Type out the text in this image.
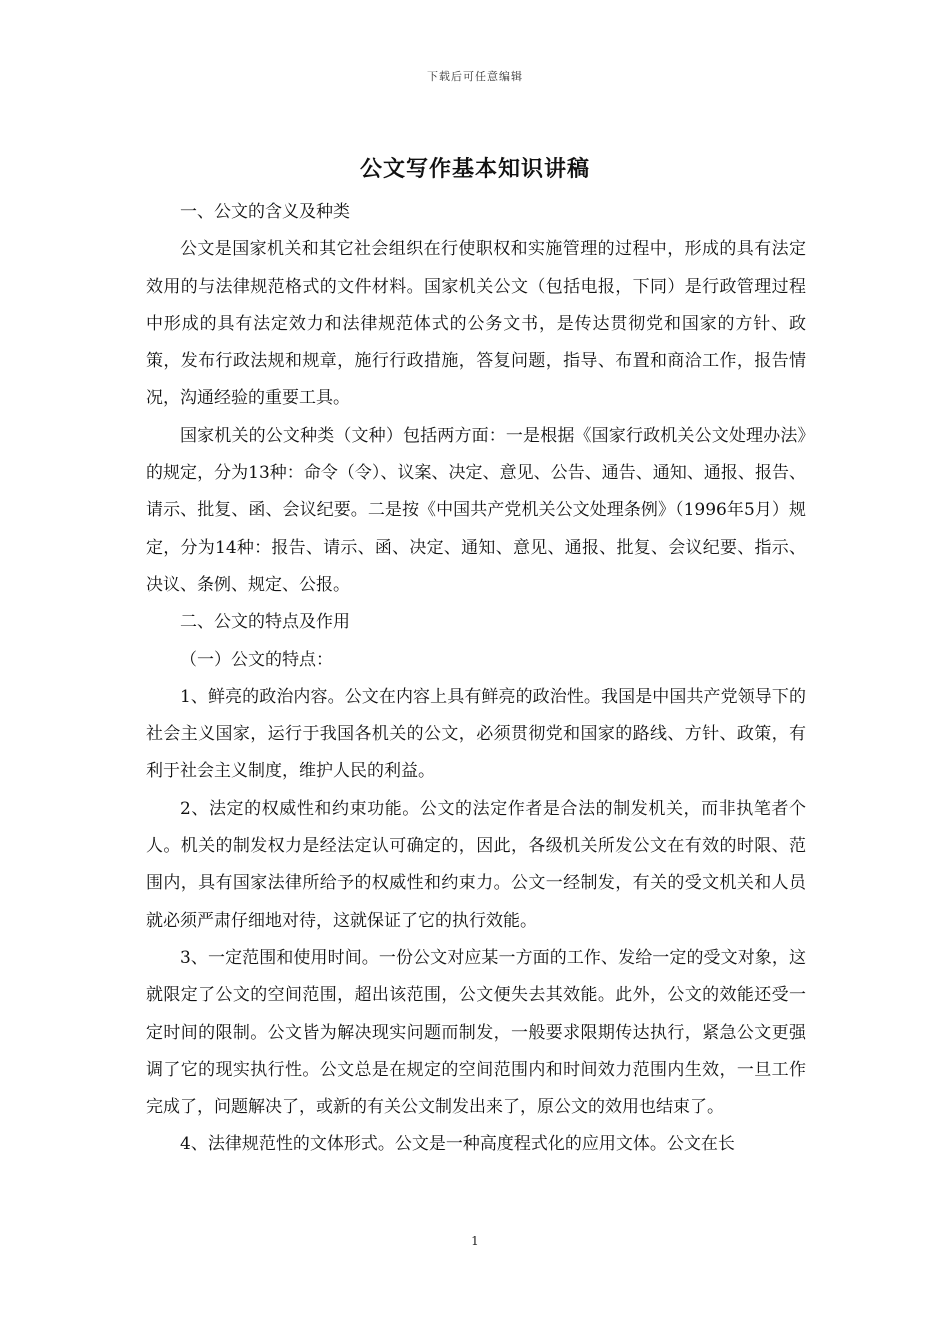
下载后可任意编辑
公文写作基本知识讲稿

一、公文的含义及种类

公文是国家机关和其它社会组织在行使职权和实施管理的过程中，形成的具有法定效用的与法律规范格式的文件材料。国家机关公文（包括电报，下同）是行政管理过程中形成的具有法定效力和法律规范体式的公务文书，是传达贯彻党和国家的方针、政策，发布行政法规和规章，施行行政措施，答复问题，指导、布置和商洽工作，报告情况，沟通经验的重要工具。

国家机关的公文种类（文种）包括两方面：一是根据《国家行政机关公文处理办法》的规定，分为13种：命令（令）、议案、决定、意见、公告、通告、通知、通报、报告、请示、批复、函、会议纪要。二是按《中国共产党机关公文处理条例》（1996年5月）规定，分为14种：报告、请示、函、决定、通知、意见、通报、批复、会议纪要、指示、决议、条例、规定、公报。

二、公文的特点及作用

（一）公文的特点：

1、鲜亮的政治内容。公文在内容上具有鲜亮的政治性。我国是中国共产党领导下的社会主义国家，运行于我国各机关的公文，必须贯彻党和国家的路线、方针、政策，有利于社会主义制度，维护人民的利益。

2、法定的权威性和约束功能。公文的法定作者是合法的制发机关，而非执笔者个人。机关的制发权力是经法定认可确定的，因此，各级机关所发公文在有效的时限、范围内，具有国家法律所给予的权威性和约束力。公文一经制发，有关的受文机关和人员就必须严肃仔细地对待，这就保证了它的执行效能。

3、一定范围和使用时间。一份公文对应某一方面的工作、发给一定的受文对象，这就限定了公文的空间范围，超出该范围，公文便失去其效能。此外，公文的效能还受一定时间的限制。公文皆为解决现实问题而制发，一般要求限期传达执行，紧急公文更强调了它的现实执行性。公文总是在规定的空间范围内和时间效力范围内生效，一旦工作完成了，问题解决了，或新的有关公文制发出来了，原公文的效用也结束了。

4、法律规范性的文体形式。公文是一种高度程式化的应用文体。公文在长

1
